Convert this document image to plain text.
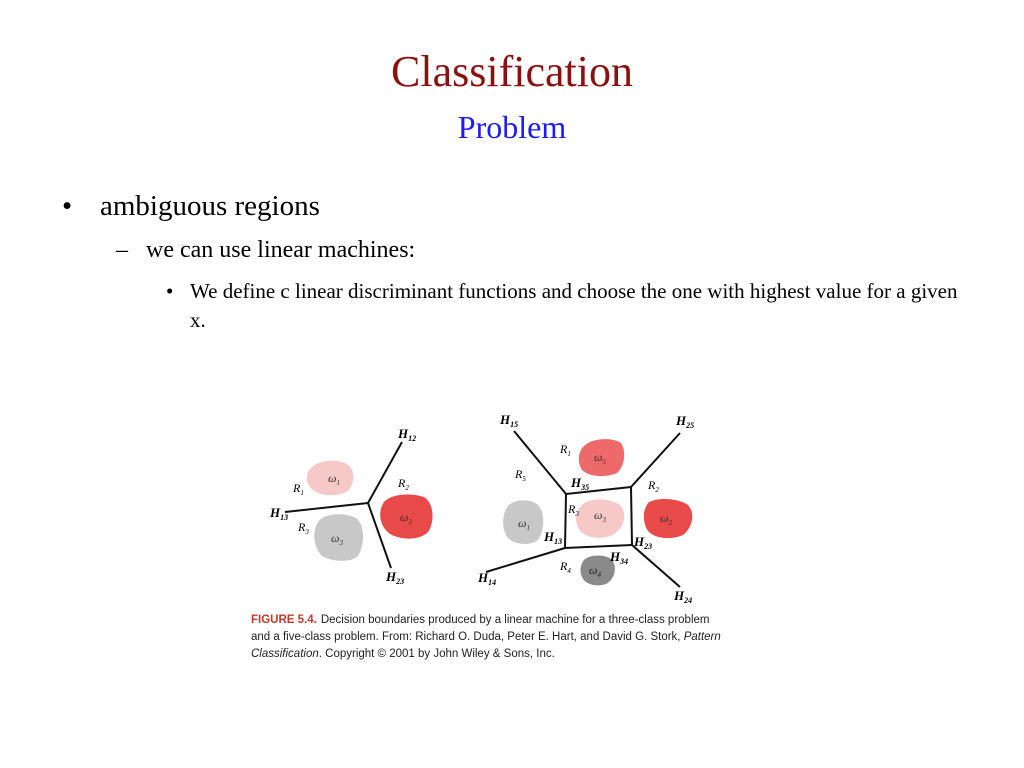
Classification
Problem
• ambiguous regions
– we can use linear machines:
• We define c linear discriminant functions and choose the one with highest value for a given x.
$H_{12}$
$H_{13}$
$H_{23}$
$R_1$
$R_2$
$R_3$
$\omega_1$
$\omega_2$
$\omega_3$
$H_{15}$	$H_{25}$
$H_{35}$
$H_{13}$	$H_{23}$
$H_{34}$
$H_{14}$
$H_{24}$
$R_1$
$R_2$
$R_3$
$R_4$
$R_5$
$\omega_1$
$\omega_2$
$\omega_3$
$\omega_4$
$\omega_5$
FIGURE 5.4. Decision boundaries produced by a linear machine for a three-class problem and a five-class problem. From: Richard O. Duda, Peter E. Hart, and David G. Stork, Pattern Classification. Copyright © 2001 by John Wiley & Sons, Inc.
